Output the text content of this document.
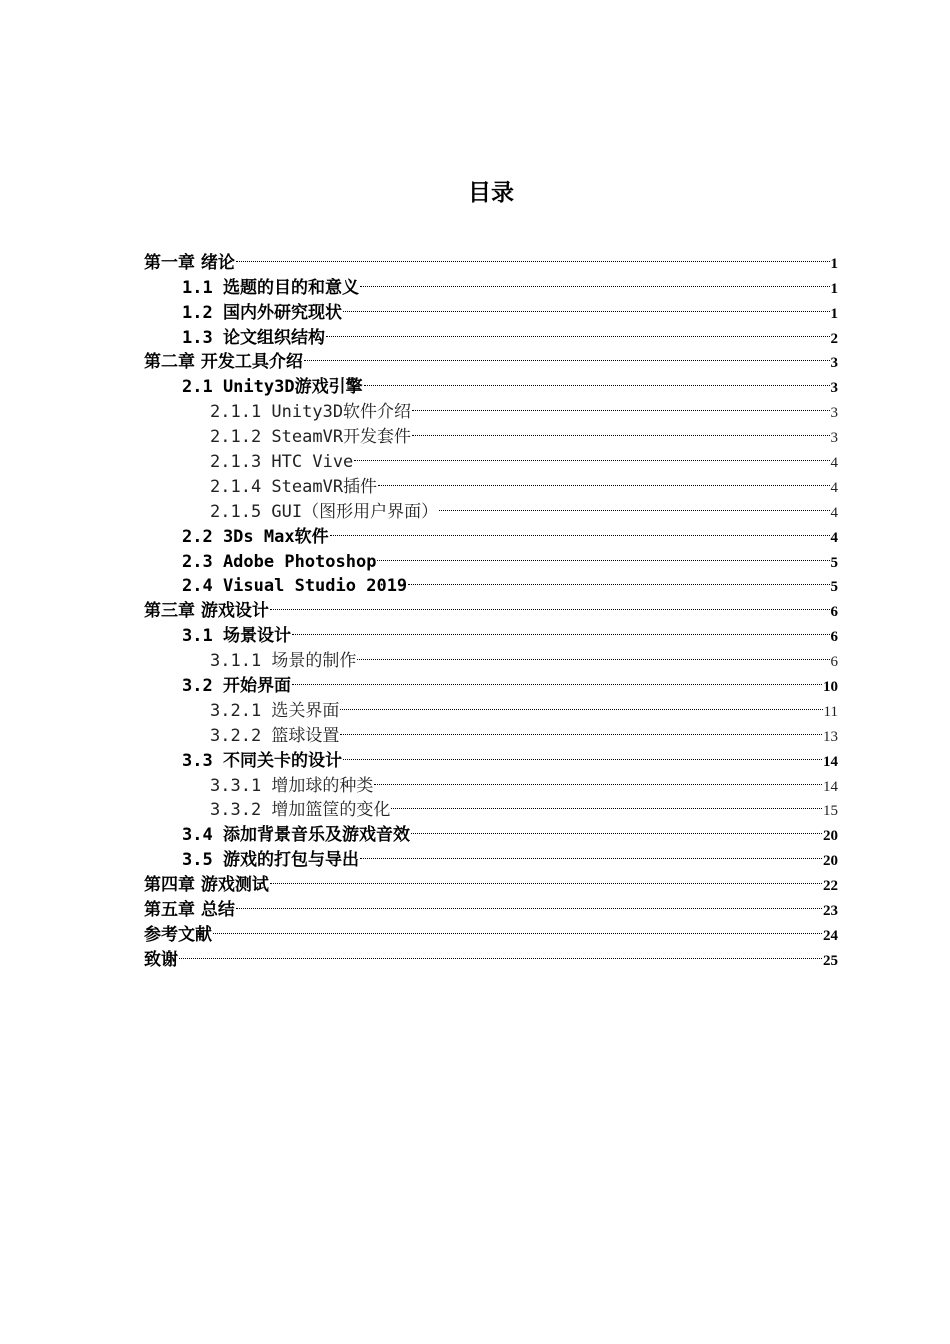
目录
第一章 绪论	1
1.1 选题的目的和意义	1
1.2 国内外研究现状	1
1.3 论文组织结构	2
第二章 开发工具介绍	3
2.1 Unity3D游戏引擎	3
2.1.1 Unity3D软件介绍	3
2.1.2 SteamVR开发套件	3
2.1.3 HTC Vive	4
2.1.4 SteamVR插件	4
2.1.5 GUI（图形用户界面）	4
2.2 3Ds Max软件	4
2.3 Adobe Photoshop	5
2.4 Visual Studio 2019	5
第三章 游戏设计	6
3.1 场景设计	6
3.1.1 场景的制作	6
3.2 开始界面	10
3.2.1 选关界面	11
3.2.2 篮球设置	13
3.3 不同关卡的设计	14
3.3.1 增加球的种类	14
3.3.2 增加篮筐的变化	15
3.4 添加背景音乐及游戏音效	20
3.5 游戏的打包与导出	20
第四章 游戏测试	22
第五章 总结	23
参考文献	24
致谢	25
